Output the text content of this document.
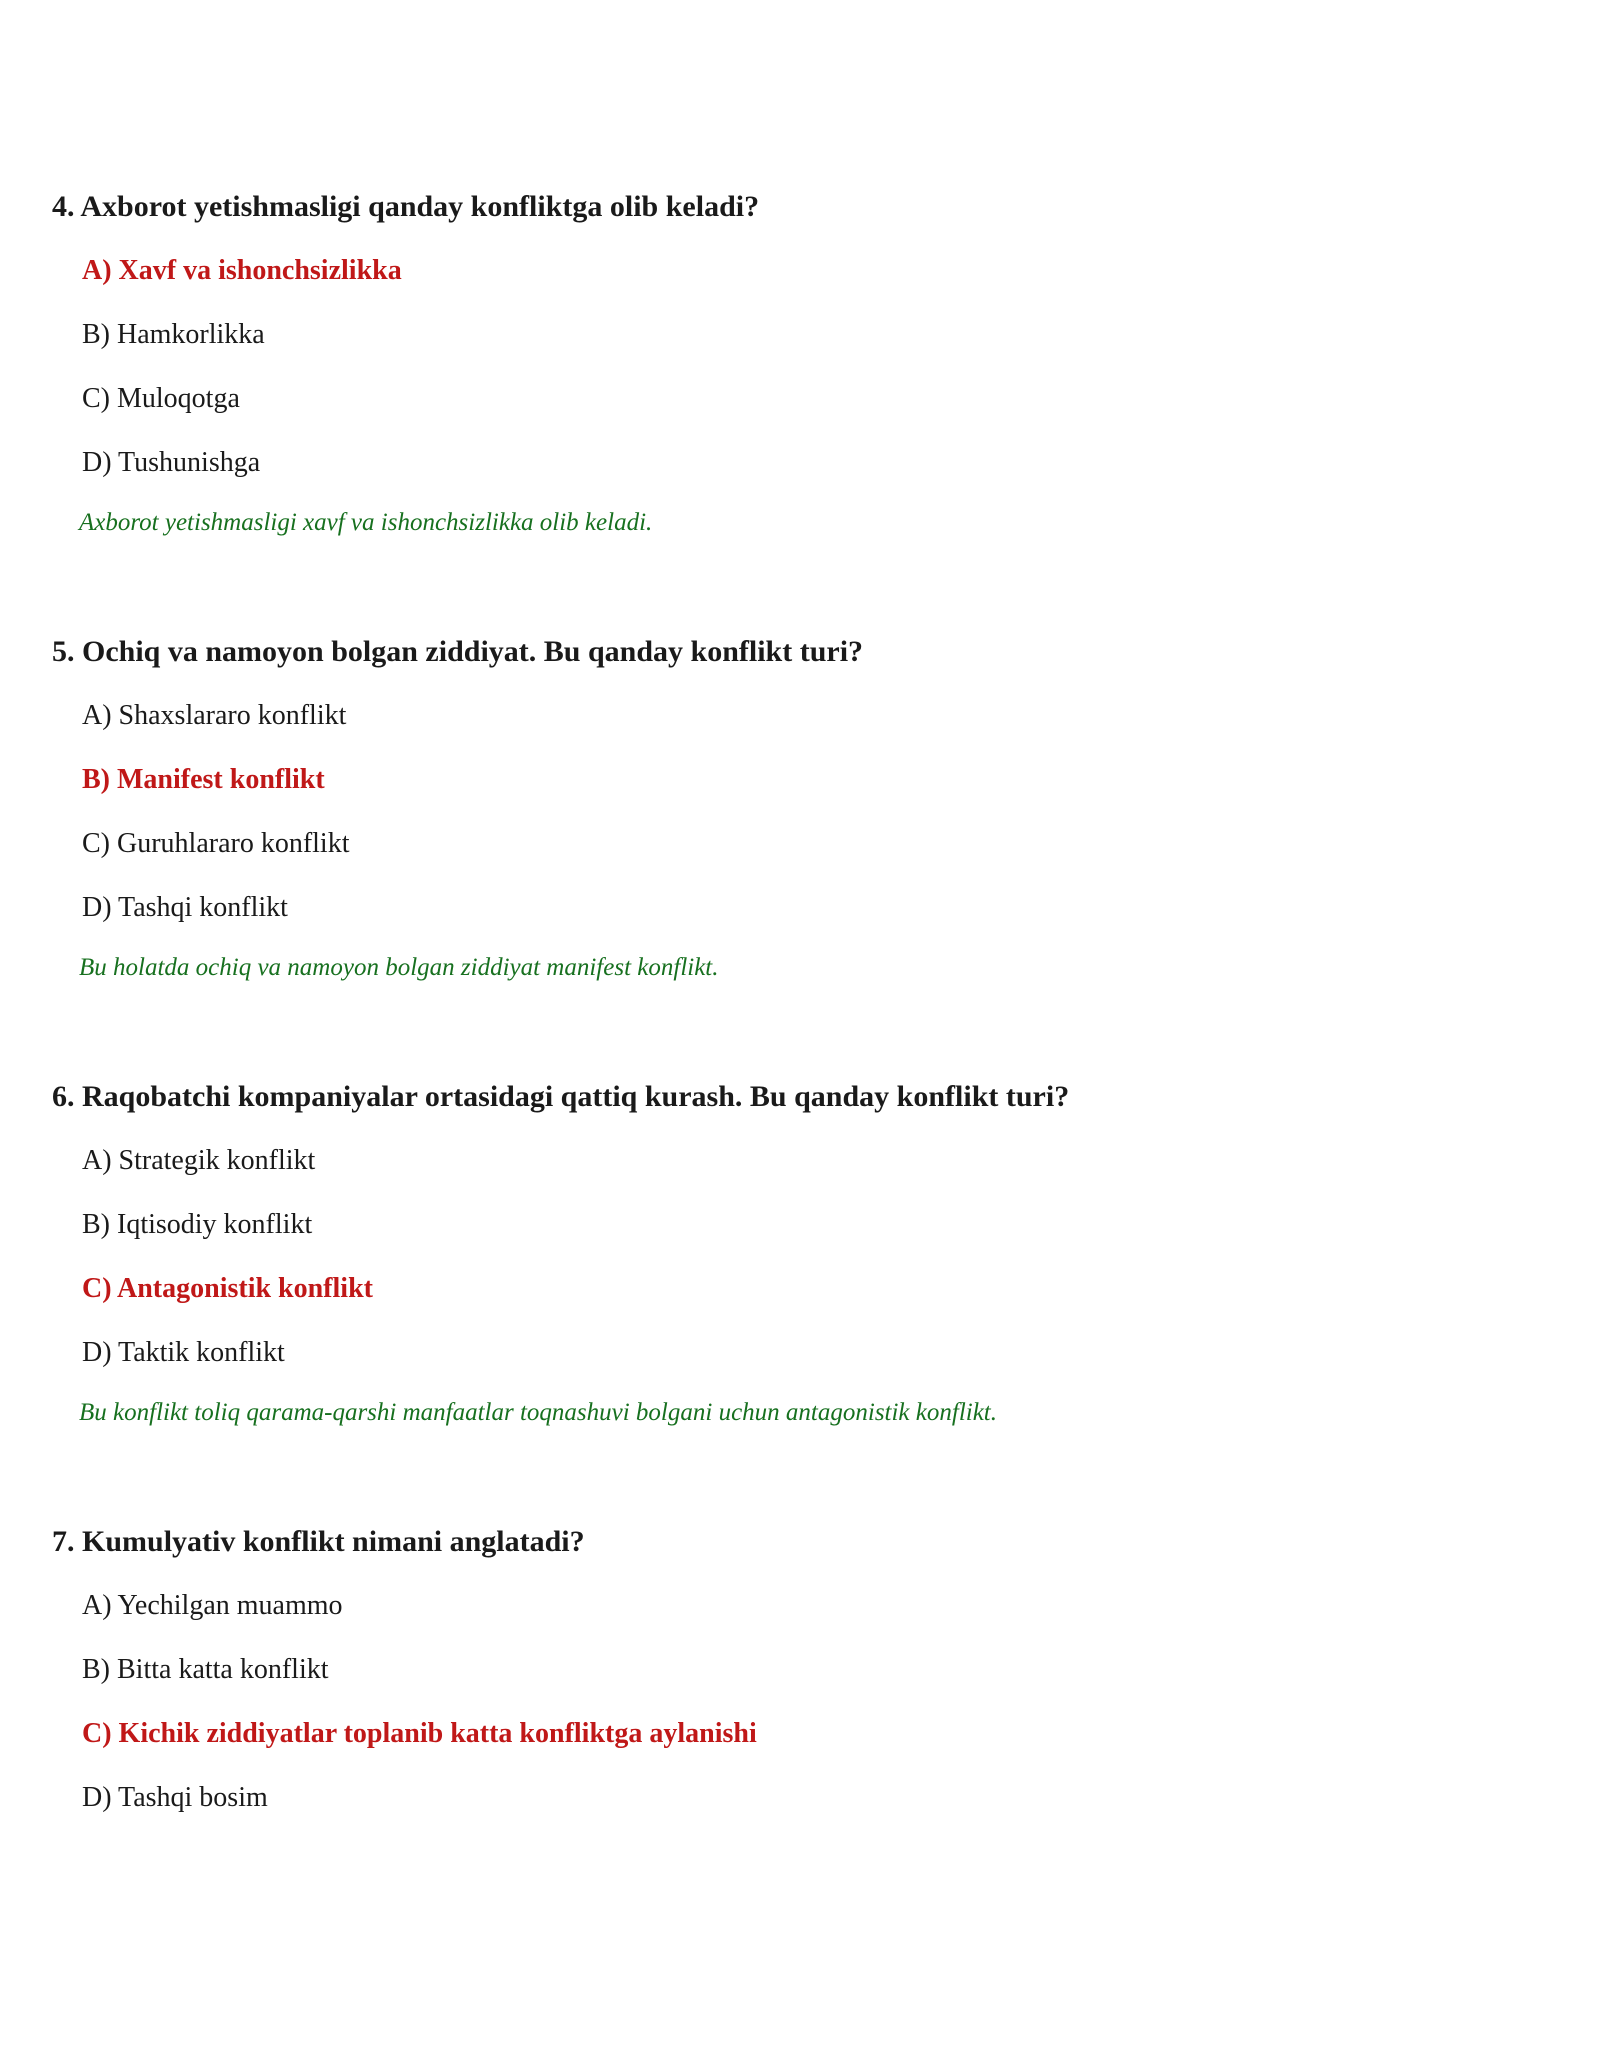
4. Axborot yetishmasligi qanday konfliktga olib keladi?
A) Xavf va ishonchsizlikka
B) Hamkorlikka
C) Muloqotga
D) Tushunishga
Axborot yetishmasligi xavf va ishonchsizlikka olib keladi.
5. Ochiq va namoyon bolgan ziddiyat. Bu qanday konflikt turi?
A) Shaxslararo konflikt
B) Manifest konflikt
C) Guruhlararo konflikt
D) Tashqi konflikt
Bu holatda ochiq va namoyon bolgan ziddiyat manifest konflikt.
6. Raqobatchi kompaniyalar ortasidagi qattiq kurash. Bu qanday konflikt turi?
A) Strategik konflikt
B) Iqtisodiy konflikt
C) Antagonistik konflikt
D) Taktik konflikt
Bu konflikt toliq qarama-qarshi manfaatlar toqnashuvi bolgani uchun antagonistik konflikt.
7. Kumulyativ konflikt nimani anglatadi?
A) Yechilgan muammo
B) Bitta katta konflikt
C) Kichik ziddiyatlar toplanib katta konfliktga aylanishi
D) Tashqi bosim
